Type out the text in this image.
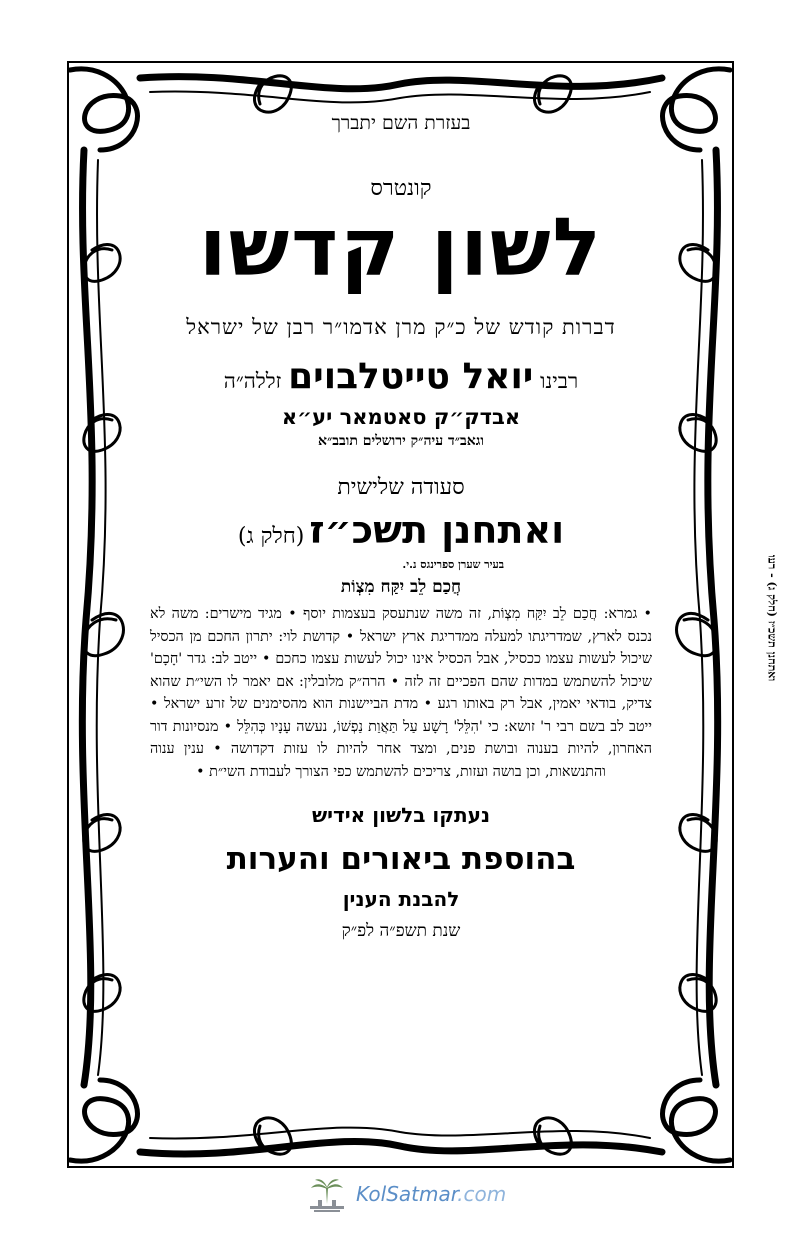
בעזרת השם יתברך
קונטרס
לשון קדשו
דברות קודש של כ״ק מרן אדמו״ר רבן של ישראל
רבינו יואל טייטלבוים זללה״ה
אבדק״ק סאטמאר יע״א
וגאב״ד עיה״ק ירושלים תובב״א
סעודה שלישית
ואתחנן תשכ״ז (חלק ג)
בעיר שערן ספרינגס נ.י.
חֲכַם לֵב יִקַּח מִצְוֹת
• גמרא: חֲכַם לֵב יִקַּח מִצְוֹת, זה משה שנתעסק בעצמות יוסף • מגיד מישרים: משה לא נכנס לארץ, שמדריגתו למעלה ממדריגת ארץ ישראל • קדושת לוי: יתרון החכם מן הכסיל שיכול לעשות עצמו ככסיל, אבל הכסיל אינו יכול לעשות עצמו כחכם • ייטב לב: גדר 'חָכָם' שיכול להשתמש במדות שהם הפכיים זה לזה • הרה״ק מלובלין: אם יאמר לו השי״ת שהוא צדיק, בודאי יאמין, אבל רק באותו רגע • מדת הביישנות הוא מהסימנים של זרע ישראל • ייטב לב בשם רבי ר' זושא: כי 'הִלֵּל' רָשָׁע עַל תַּאֲוַת נַפְשׁוֹ, נעשה עָנָיו כְּהִלֵּל • מנסיונות דור האחרון, להיות בענוה ובושת פנים, ומצד אחר להיות לו עזות דקדושה • ענין ענוה והתנשאות, וכן בושה ועזות, צריכים להשתמש כפי הצורך לעבודת השי״ת •
נעתקו בלשון אידיש
בהוספת ביאורים והערות
להבנת הענין
שנת תשפ״ה לפ״ק
ואתחנן תשכ״ז (חלק ג) - רעו
KolSatmar.com
